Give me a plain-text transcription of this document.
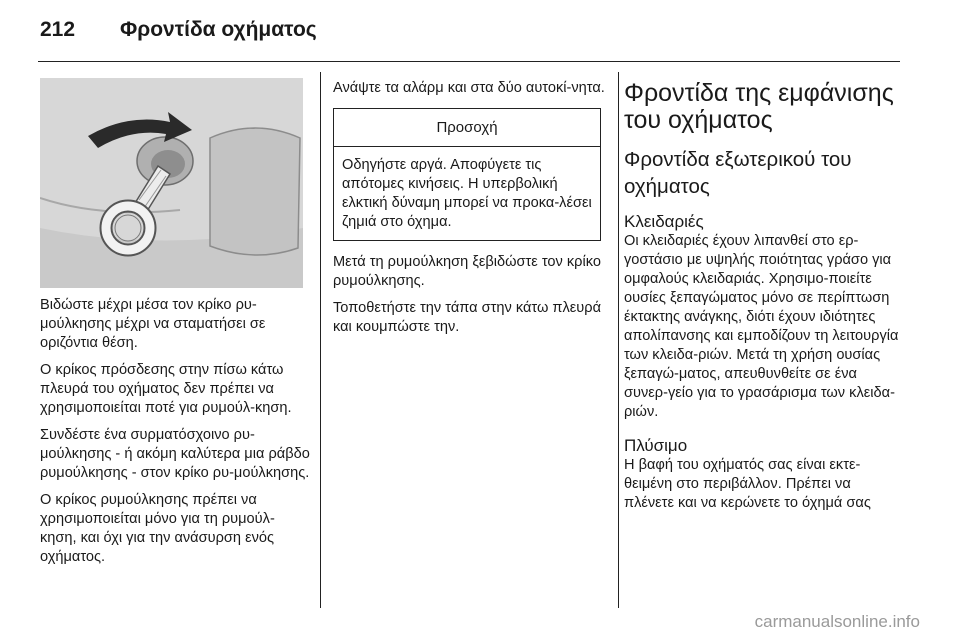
212	Φροντίδα οχήματος

Βιδώστε μέχρι μέσα τον κρίκο ρυ-μούλκησης μέχρι να σταματήσει σε οριζόντια θέση.

Ο κρίκος πρόσδεσης στην πίσω κάτω πλευρά του οχήματος δεν πρέπει να χρησιμοποιείται ποτέ για ρυμούλ-κηση.

Συνδέστε ένα συρματόσχοινο ρυ-μούλκησης - ή ακόμη καλύτερα μια ράβδο ρυμούλκησης - στον κρίκο ρυ-μούλκησης.

Ο κρίκος ρυμούλκησης πρέπει να χρησιμοποιείται μόνο για τη ρυμούλ-κηση, και όχι για την ανάσυρση ενός οχήματος.

Ανάψτε τα αλάρμ και στα δύο αυτοκί-νητα.

Προσοχή
Οδηγήστε αργά. Αποφύγετε τις απότομες κινήσεις. Η υπερβολική ελκτική δύναμη μπορεί να προκα-λέσει ζημιά στο όχημα.

Μετά τη ρυμούλκηση ξεβιδώστε τον κρίκο ρυμούλκησης.

Τοποθετήστε την τάπα στην κάτω πλευρά και κουμπώστε την.

Φροντίδα της εμφάνισης του οχήματος
Φροντίδα εξωτερικού του οχήματος
Κλειδαριές

Οι κλειδαριές έχουν λιπανθεί στο ερ-γοστάσιο με υψηλής ποιότητας γράσο για ομφαλούς κλειδαριάς. Χρησιμο-ποιείτε ουσίες ξεπαγώματος μόνο σε περίπτωση έκτακτης ανάγκης, διότι έχουν ιδιότητες απολίπανσης και εμποδίζουν τη λειτουργία των κλειδα-ριών. Μετά τη χρήση ουσίας ξεπαγώ-ματος, απευθυνθείτε σε ένα συνερ-γείο για το γρασάρισμα των κλειδα-ριών.

Πλύσιμο

Η βαφή του οχήματός σας είναι εκτε-θειμένη στο περιβάλλον. Πρέπει να πλένετε και να κερώνετε το όχημά σας

carmanualsonline.info
